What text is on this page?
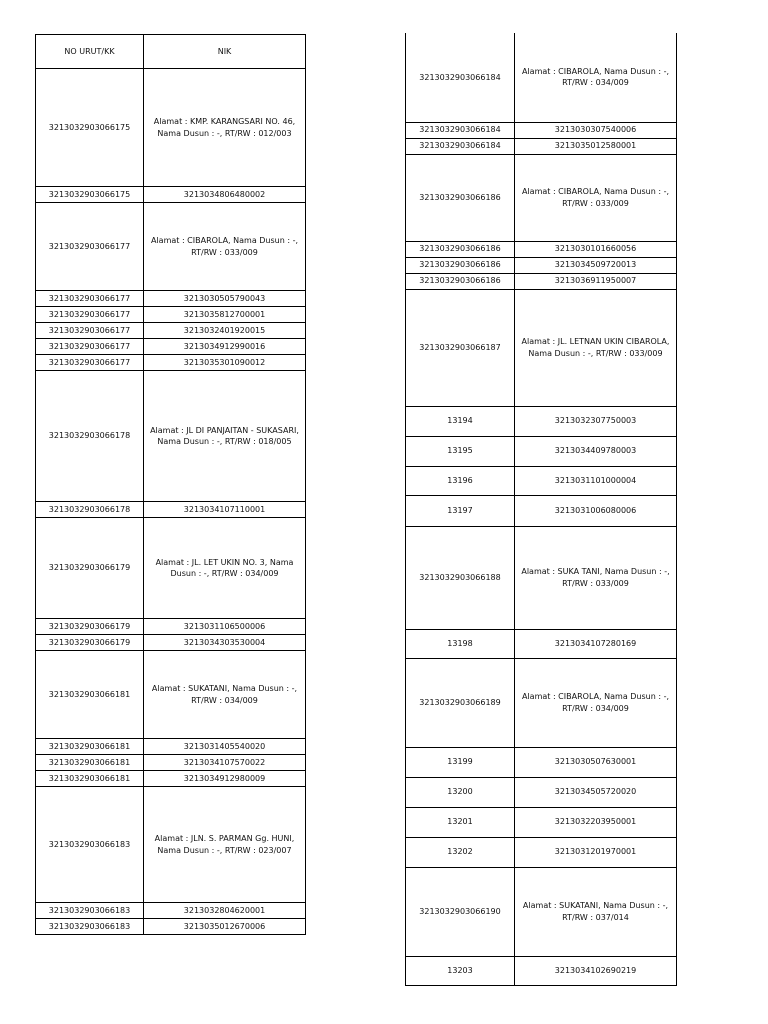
NO URUT/KK	NIK
3213032903066175	Alamat : KMP. KARANGSARI NO. 46, Nama Dusun : -, RT/RW : 012/003
3213032903066175	3213034806480002
3213032903066177	Alamat : CIBAROLA, Nama Dusun : -, RT/RW : 033/009
3213032903066177	3213030505790043
3213032903066177	3213035812700001
3213032903066177	3213032401920015
3213032903066177	3213034912990016
3213032903066177	3213035301090012
3213032903066178	Alamat : JL DI PANJAITAN - SUKASARI, Nama Dusun : -, RT/RW : 018/005
3213032903066178	3213034107110001
3213032903066179	Alamat : JL. LET UKIN NO. 3, Nama Dusun : -, RT/RW : 034/009
3213032903066179	3213031106500006
3213032903066179	3213034303530004
3213032903066181	Alamat : SUKATANI, Nama Dusun : -, RT/RW : 034/009
3213032903066181	3213031405540020
3213032903066181	3213034107570022
3213032903066181	3213034912980009
3213032903066183	Alamat : JLN. S. PARMAN Gg. HUNI, Nama Dusun : -, RT/RW : 023/007
3213032903066183	3213032804620001
3213032903066183	3213035012670006
3213032903066184	Alamat : CIBAROLA, Nama Dusun : -, RT/RW : 034/009
3213032903066184	3213030307540006
3213032903066184	3213035012580001
3213032903066186	Alamat : CIBAROLA, Nama Dusun : -, RT/RW : 033/009
3213032903066186	3213030101660056
3213032903066186	3213034509720013
3213032903066186	3213036911950007
3213032903066187	Alamat : JL. LETNAN UKIN CIBAROLA, Nama Dusun : -, RT/RW : 033/009
13194	3213032307750003
13195	3213034409780003
13196	3213031101000004
13197	3213031006080006
3213032903066188	Alamat : SUKA TANI, Nama Dusun : -, RT/RW : 033/009
13198	3213034107280169
3213032903066189	Alamat : CIBAROLA, Nama Dusun : -, RT/RW : 034/009
13199	3213030507630001
13200	3213034505720020
13201	3213032203950001
13202	3213031201970001
3213032903066190	Alamat : SUKATANI, Nama Dusun : -, RT/RW : 037/014
13203	3213034102690219
